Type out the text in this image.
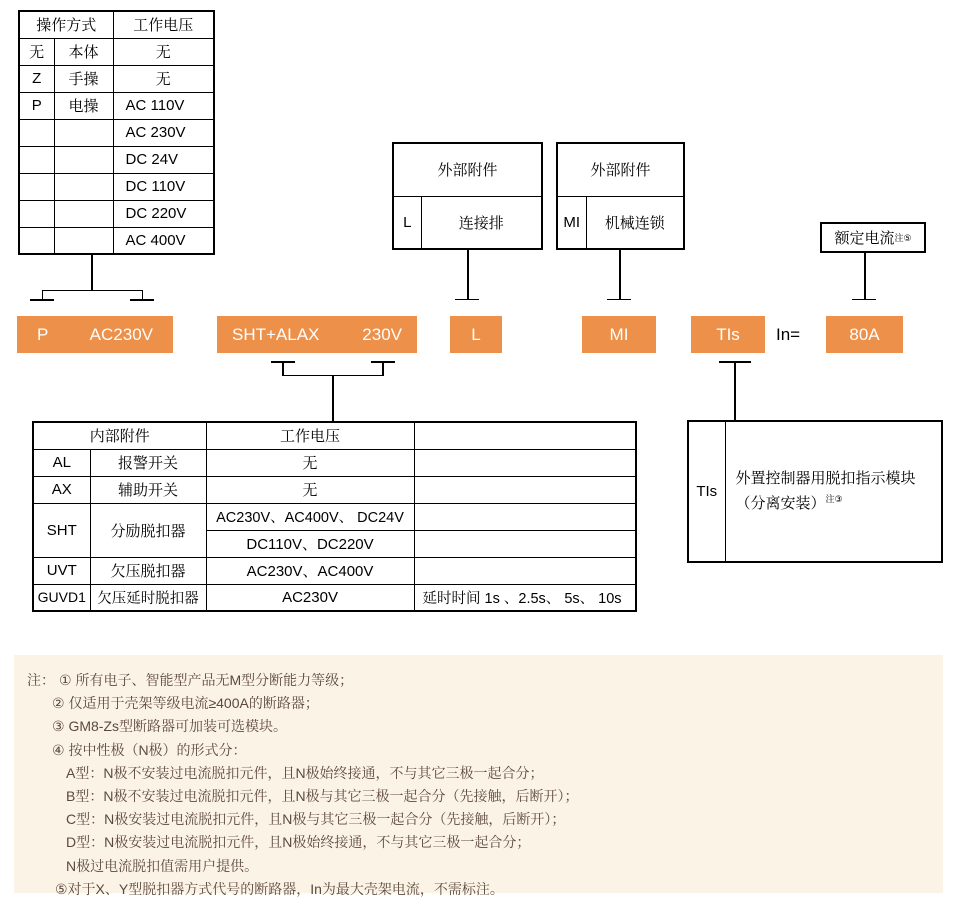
操作方式		工作电压
无	本体	无
Z	手操	无
P	电操	AC 110V
		AC 230V
		DC 24V
		DC 110V
		DC 220V
		AC 400V
外部附件
L	连接排
外部附件
MI	机械连锁
额定电流 注⑤
P AC230V	SHT+ALAX	230V	L	MI	TIs In=	80A
内部附件		工作电压	
AL	报警开关	无	
AX	辅助开关	无	
SHT	分励脱扣器	AC230V、AC400V、 DC24V	
		DC110V、DC220V	
UVT	欠压脱扣器	AC230V、AC400V	
GUVD1	欠压延时脱扣器	AC230V	延时时间 1s 、2.5s、 5s、 10s
TIs	
外置控制器用脱扣指示模块
（分离安装）$^{注③}$
注： ① 所有电子、智能型产品无M型分断能力等级；
② 仅适用于壳架等级电流≥400A的断路器；
③ GM8-Zs型断路器可加装可选模块。
④ 按中性极（N极）的形式分：
A型：N极不安装过电流脱扣元件，且N极始终接通，不与其它三极一起合分；
B型：N极不安装过电流脱扣元件，且N极与其它三极一起合分（先接触，后断开）；
C型：N极安装过电流脱扣元件，且N极与其它三极一起合分（先接触，后断开）；
D型：N极安装过电流脱扣元件，且N极始终接通，不与其它三极一起合分；
N极过电流脱扣值需用户提供。
⑤对于X、Y型脱扣器方式代号的断路器，In为最大壳架电流，不需标注。
